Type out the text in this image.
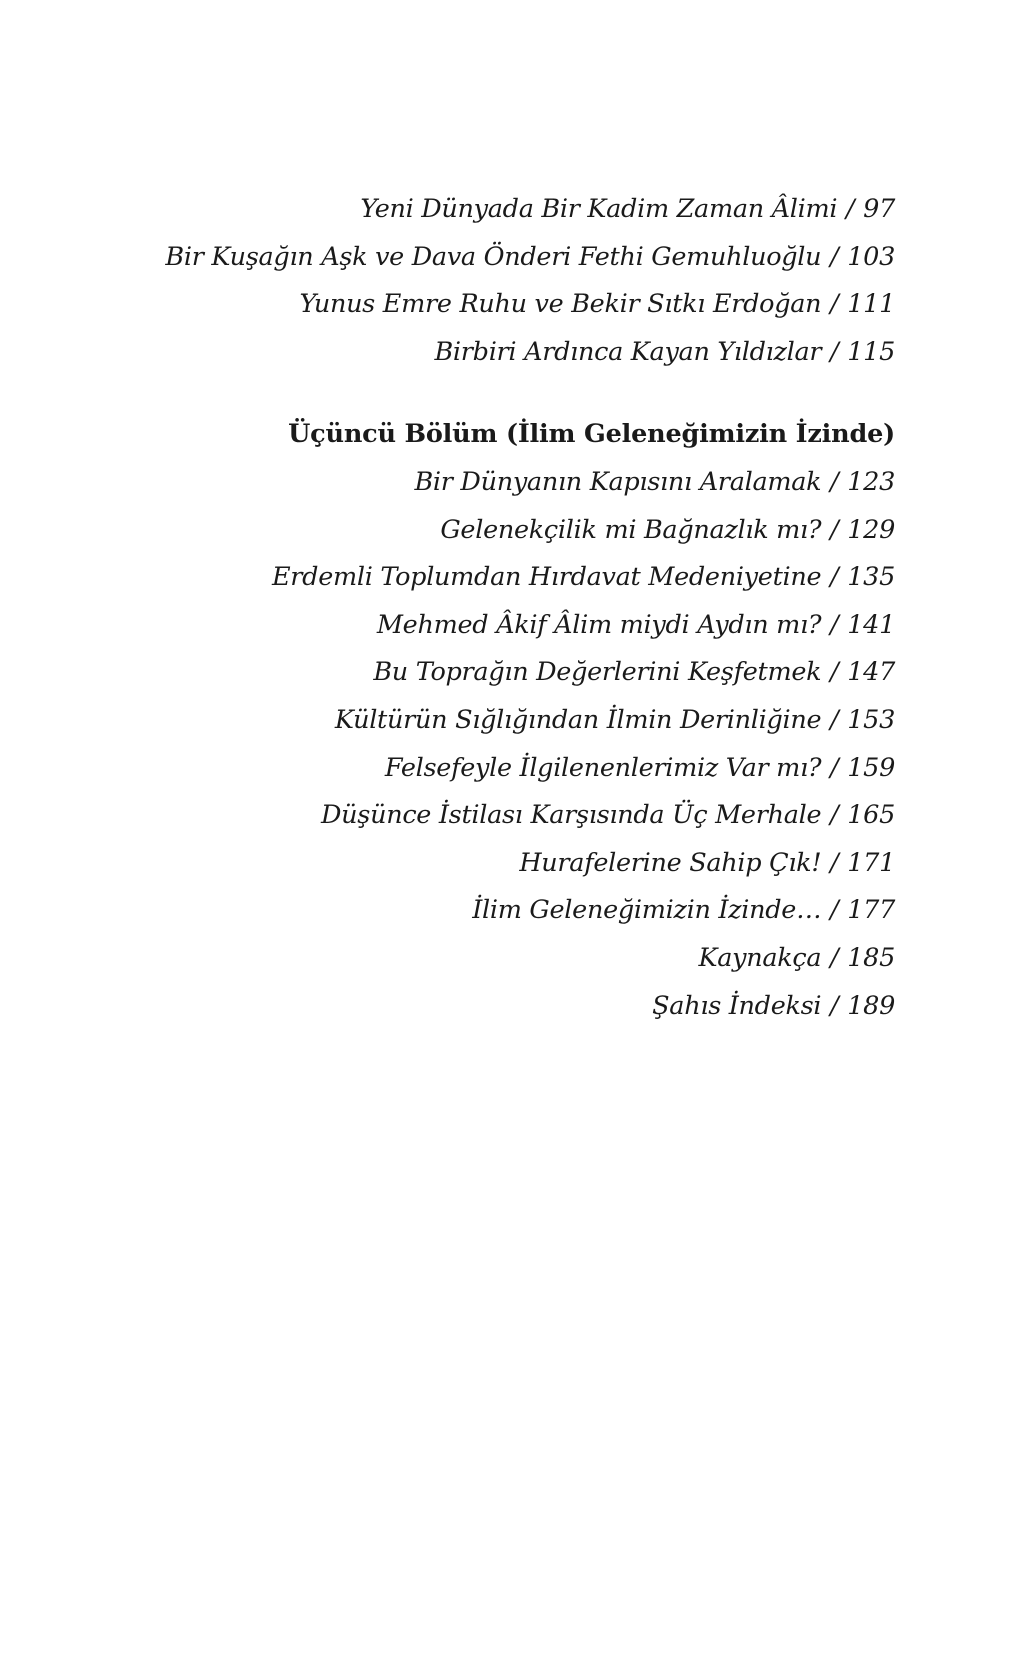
Yeni Dünyada Bir Kadim Zaman Âlimi / 97
Bir Kuşağın Aşk ve Dava Önderi Fethi Gemuhluoğlu / 103
Yunus Emre Ruhu ve Bekir Sıtkı Erdoğan / 111
Birbiri Ardınca Kayan Yıldızlar / 115
Üçüncü Bölüm (İlim Geleneğimizin İzinde)
Bir Dünyanın Kapısını Aralamak / 123
Gelenekçilik mi Bağnazlık mı? / 129
Erdemli Toplumdan Hırdavat Medeniyetine / 135
Mehmed Âkif Âlim miydi Aydın mı? / 141
Bu Toprağın Değerlerini Keşfetmek / 147
Kültürün Sığlığından İlmin Derinliğine / 153
Felsefeyle İlgilenenlerimiz Var mı? / 159
Düşünce İstilası Karşısında Üç Merhale / 165
Hurafelerine Sahip Çık! / 171
İlim Geleneğimizin İzinde… / 177
Kaynakça / 185
Şahıs İndeksi / 189
